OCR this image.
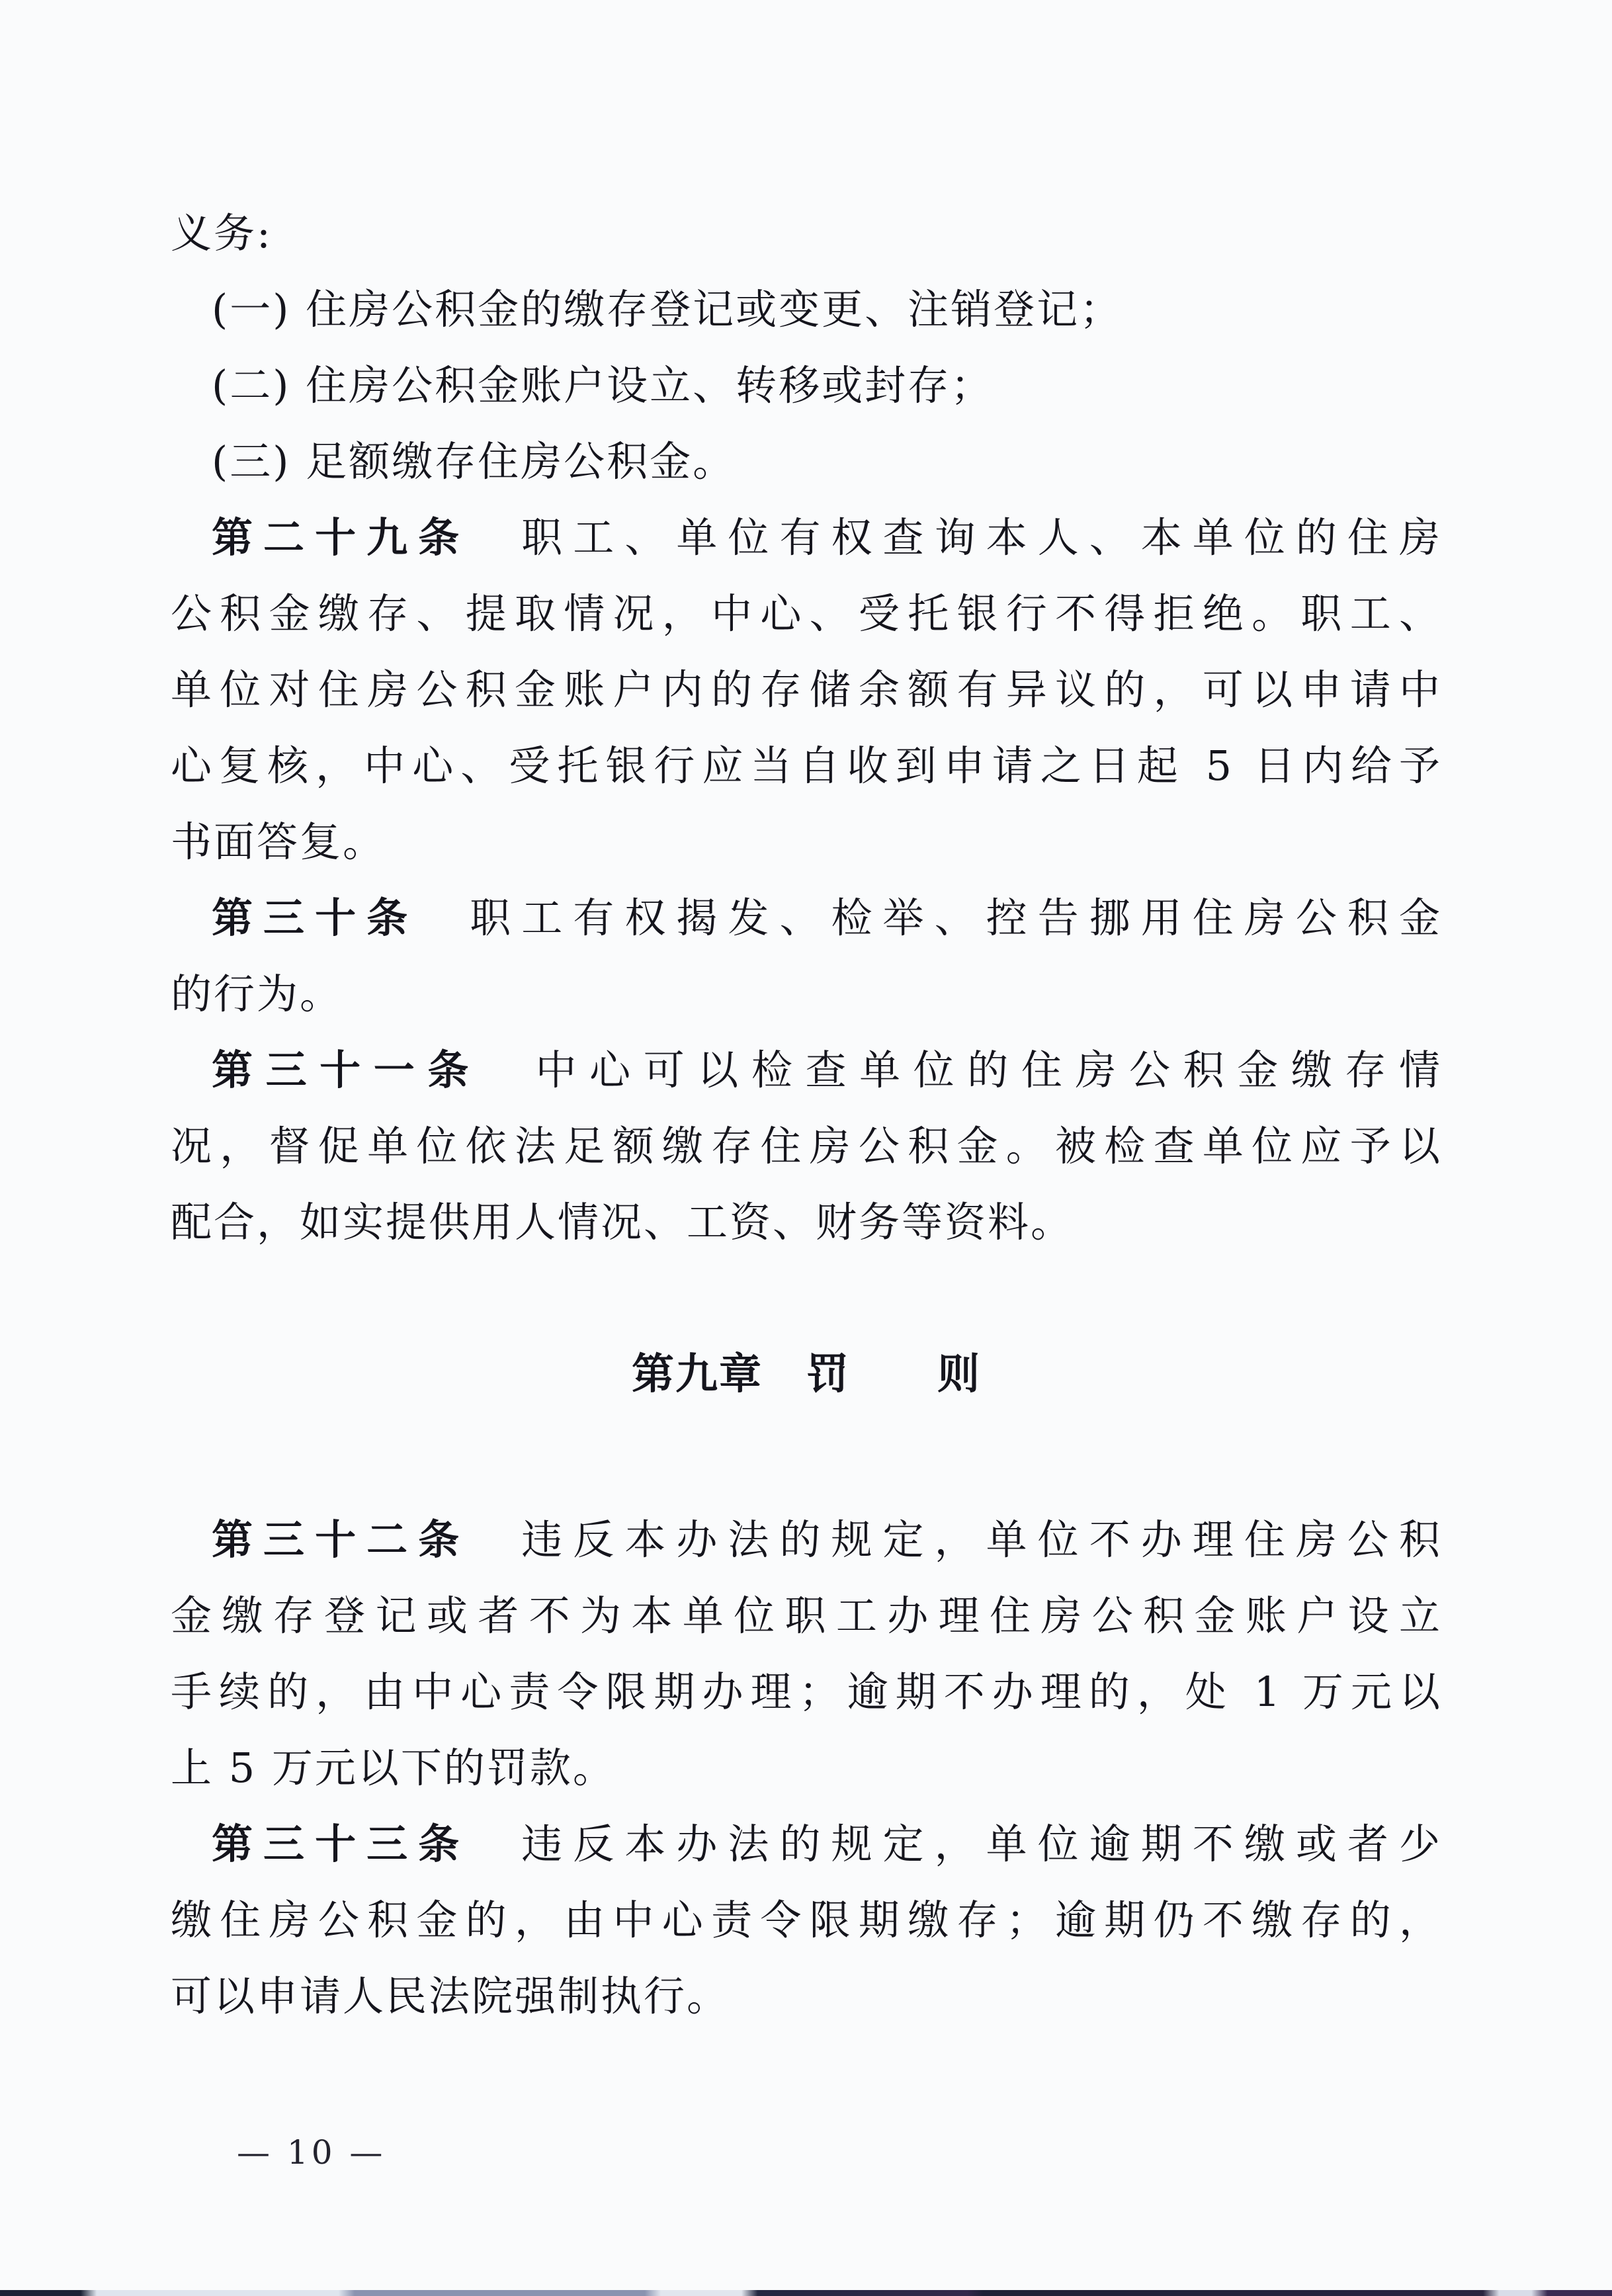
义务:
(一) 住房公积金的缴存登记或变更、注销登记；
(二) 住房公积金账户设立、转移或封存；
(三) 足额缴存住房公积金。
第二十九条　职工、单位有权查询本人、本单位的住房
公积金缴存、提取情况，中心、受托银行不得拒绝。职工、
单位对住房公积金账户内的存储余额有异议的，可以申请中
心复核，中心、受托银行应当自收到申请之日起 5 日内给予
书面答复。
第三十条　职工有权揭发、检举、控告挪用住房公积金
的行为。
第三十一条　中心可以检查单位的住房公积金缴存情
况，督促单位依法足额缴存住房公积金。被检查单位应予以
配合，如实提供用人情况、工资、财务等资料。
第九章　罚　　则
第三十二条　违反本办法的规定，单位不办理住房公积
金缴存登记或者不为本单位职工办理住房公积金账户设立
手续的，由中心责令限期办理；逾期不办理的，处 1 万元以
上 5 万元以下的罚款。
第三十三条　违反本办法的规定，单位逾期不缴或者少
缴住房公积金的，由中心责令限期缴存；逾期仍不缴存的，
可以申请人民法院强制执行。
— 10 —
